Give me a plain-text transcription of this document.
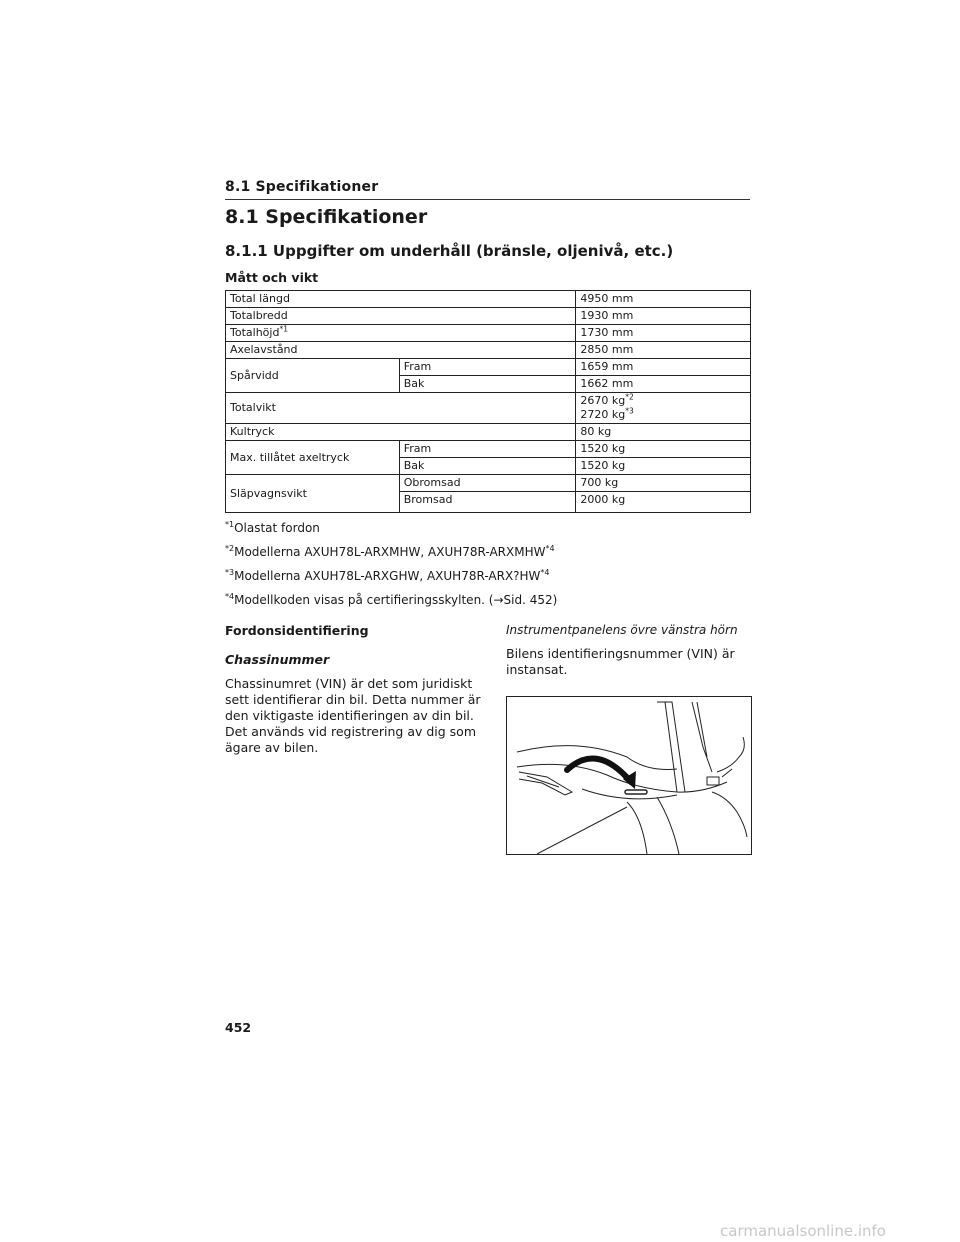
8.1 Specifikationer
8.1 Specifikationer
8.1.1 Uppgifter om underhåll (bränsle, oljenivå, etc.)
Mått och vikt
Total längd		4950 mm
Totalbredd		1930 mm
Totalhöjd$^{*1}$		1730 mm
Axelavstånd		2850 mm
Spårvidd	Fram	1659 mm
	Bak	1662 mm
Totalvikt		2670 $kg^{*2}$
2720 $kg^{*3}$

Kultryck		80 kg
Max. tillåtet axeltryck	Fram	1520 kg
	Bak	1520 kg
Släpvagnsvikt	Obromsad	700 kg
	Bromsad	2000 kg
$^{*1}$Olastat fordon
$^{*2}$Modellerna AXUH78L-ARXMHW, AXUH78R-ARXMHW$^{*4}$
$^{*3}$Modellerna AXUH78L-ARXGHW, AXUH78R-ARX?HW$^{*4}$
$^{*4}$Modellkoden visas på certifieringsskylten. (→Sid. 452)
Fordonsidentifiering
Chassinummer
Chassinumret (VIN) är det som juridiskt
sett identifierar din bil. Detta nummer är
den viktigaste identifieringen av din bil.
Det används vid registrering av dig som
ägare av bilen.
Instrumentpanelens övre vänstra hörn
Bilens identifieringsnummer (VIN) är
instansat.
452
carmanualsonline.info
